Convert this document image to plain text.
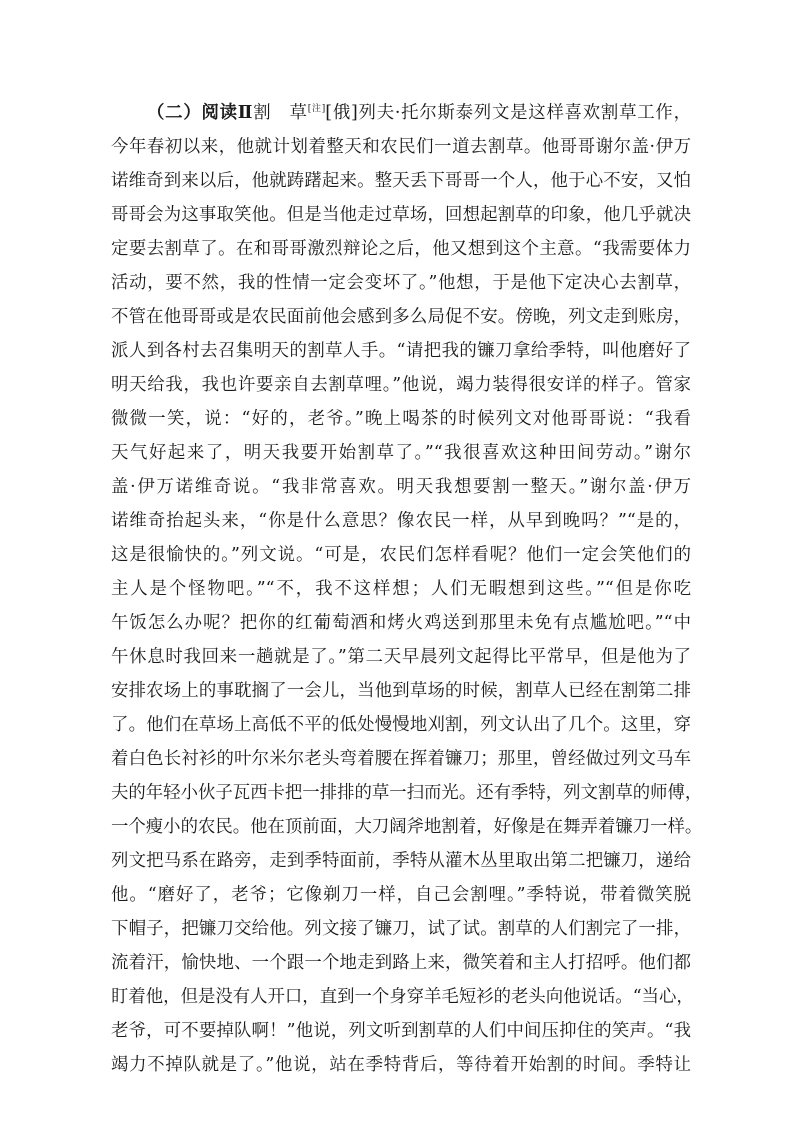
（二）阅读Ⅱ割　草[注][俄]列夫·托尔斯泰列文是这样喜欢割草工作，
今年春初以来，他就计划着整天和农民们一道去割草。他哥哥谢尔盖·伊万
诺维奇到来以后，他就踌躇起来。整天丢下哥哥一个人，他于心不安，又怕
哥哥会为这事取笑他。但是当他走过草场，回想起割草的印象，他几乎就决
定要去割草了。在和哥哥激烈辩论之后，他又想到这个主意。“我需要体力
活动，要不然，我的性情一定会变坏了。”他想，于是他下定决心去割草，
不管在他哥哥或是农民面前他会感到多么局促不安。傍晚，列文走到账房，
派人到各村去召集明天的割草人手。“请把我的镰刀拿给季特，叫他磨好了
明天给我，我也许要亲自去割草哩。”他说，竭力装得很安详的样子。管家
微微一笑，说：“好的，老爷。”晚上喝茶的时候列文对他哥哥说：“我看
天气好起来了，明天我要开始割草了。”“我很喜欢这种田间劳动。”谢尔
盖·伊万诺维奇说。“我非常喜欢。明天我想要割一整天。”谢尔盖·伊万
诺维奇抬起头来，“你是什么意思？像农民一样，从早到晚吗？”“是的，
这是很愉快的。”列文说。“可是，农民们怎样看呢？他们一定会笑他们的
主人是个怪物吧。”“不，我不这样想；人们无暇想到这些。”“但是你吃
午饭怎么办呢？把你的红葡萄酒和烤火鸡送到那里未免有点尴尬吧。”“中
午休息时我回来一趟就是了。”第二天早晨列文起得比平常早，但是他为了
安排农场上的事耽搁了一会儿，当他到草场的时候，割草人已经在割第二排
了。他们在草场上高低不平的低处慢慢地刈割，列文认出了几个。这里，穿
着白色长衬衫的叶尔米尔老头弯着腰在挥着镰刀；那里，曾经做过列文马车
夫的年轻小伙子瓦西卡把一排排的草一扫而光。还有季特，列文割草的师傅，
一个瘦小的农民。他在顶前面，大刀阔斧地割着，好像是在舞弄着镰刀一样。
列文把马系在路旁，走到季特面前，季特从灌木丛里取出第二把镰刀，递给
他。“磨好了，老爷；它像剃刀一样，自己会割哩。”季特说，带着微笑脱
下帽子，把镰刀交给他。列文接了镰刀，试了试。割草的人们割完了一排，
流着汗，愉快地、一个跟一个地走到路上来，微笑着和主人打招呼。他们都
盯着他，但是没有人开口，直到一个身穿羊毛短衫的老头向他说话。“当心，
老爷，可不要掉队啊！”他说，列文听到割草的人们中间压抑住的笑声。“我
竭力不掉队就是了。”他说，站在季特背后，等待着开始割的时间。季特让
